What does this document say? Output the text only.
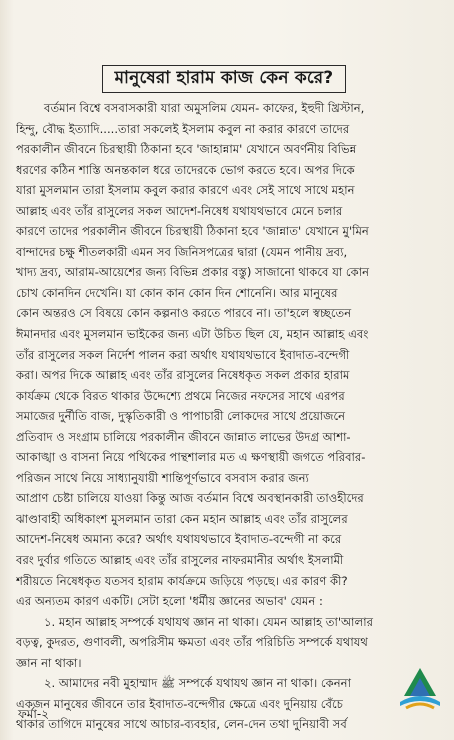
মানুষেরা হারাম কাজ কেন করে?
বর্তমান বিশ্বে বসবাসকারী যারা অমুসলিম যেমন- কাফের, ইহুদী খ্রিস্টান,
হিন্দু, বৌদ্ধ ইত্যাদি.....তারা সকলেই ইসলাম কবুল না করার কারণে তাদের
পরকালীন জীবনে চিরস্থায়ী ঠিকানা হবে 'জাহান্নাম' যেখানে অবর্ণনীয় বিভিন্ন
ধরণের কঠিন শাস্তি অনন্তকাল ধরে তাদেরকে ভোগ করতে হবে। অপর দিকে
যারা মুসলমান তারা ইসলাম কবুল করার কারণে এবং সেই সাথে সাথে মহান
আল্লাহ এবং তাঁর রাসুলের সকল আদেশ-নিষেধ যথাযথভাবে মেনে চলার
কারণে তাদের পরকালীন জীবনে চিরস্থায়ী ঠিকানা হবে 'জান্নাত' যেখানে মু'মিন
বান্দাদের চক্ষু শীতলকারী এমন সব জিনিসপত্রের দ্বারা (যেমন পানীয় দ্রব্য,
খাদ্য দ্রব্য, আরাম-আয়েশের জন্য বিভিন্ন প্রকার বস্তু) সাজানো থাকবে যা কোন
চোখ কোনদিন দেখেনি। যা কোন কান কোন দিন শোনেনি। আর মানুষের
কোন অন্তরও সে বিষয়ে কোন কল্পনাও করতে পারবে না। তা'হলে স্বচ্ছতেন
ঈমানদার এবং মুসলমান ভাইকের জন্য এটা উচিত ছিল যে, মহান আল্লাহ এবং
তাঁর রাসুলের সকল নির্দেশ পালন করা অর্থাৎ যথাযথভাবে ইবাদাত-বন্দেগী
করা। অপর দিকে আল্লাহ এবং তাঁর রাসুলের নিষেধকৃত সকল প্রকার হারাম
কার্যক্রম থেকে বিরত থাকার উদ্দেশ্যে প্রথমে নিজের নফসের সাথে এরপর
সমাজের দুর্নীতি বাজ, দুস্কৃতিকারী ও পাপাচারী লোকদের সাথে প্রয়োজনে
প্রতিবাদ ও সংগ্রাম চালিয়ে পরকালীন জীবনে জান্নাত লাভের উদগ্র আশা-
আকাঙ্খা ও বাসনা নিয়ে পথিকের পান্থশালার মত এ ক্ষণস্থায়ী জগতে পরিবার-
পরিজন সাথে নিয়ে সাধ্যানুযায়ী শান্তিপূর্ণভাবে বসবাস করার জন্য
আপ্রাণ চেষ্টা চালিয়ে যাওয়া কিন্তু আজ বর্তমান বিশ্বে অবস্থানকারী তাওহীদের
ঝাণ্ডাবাহী অধিকাংশ মুসলমান তারা কেন মহান আল্লাহ এবং তাঁর রাসুলের
আদেশ-নিষেধ অমান্য করে? অর্থাৎ যথাযথভাবে ইবাদাত-বন্দেগী না করে
বরং দুর্বার গতিতে আল্লাহ এবং তাঁর রাসুলের নাফরমানীর অর্থাৎ ইসলামী
শরীয়তে নিষেধকৃত যতসব হারাম কার্যক্রমে জড়িয়ে পড়ছে। এর কারণ কী?
এর অন্যতম কারণ একটি। সেটা হলো 'ধর্মীয় জ্ঞানের অভাব' যেমন :
১. মহান আল্লাহ সম্পর্কে যথাযথ জ্ঞান না থাকা। যেমন আল্লাহ তা'আলার
বড়ত্ব, কুদরত, গুণাবলী, অপরিসীম ক্ষমতা এবং তাঁর পরিচিতি সম্পর্কে যথাযথ
জ্ঞান না থাকা।
২. আমাদের নবী মুহাম্মাদ ﷺ সম্পর্কে যথাযথ জ্ঞান না থাকা। কেননা
একজন মানুষের জীবনে তার ইবাদাত-বন্দেগীর ক্ষেত্রে এবং দুনিয়ায় বেঁচে
থাকার তাগিদে মানুষের সাথে আচার-ব্যবহার, লেন-দেন তথা দুনিয়াবী সর্ব
ফর্মা-২
